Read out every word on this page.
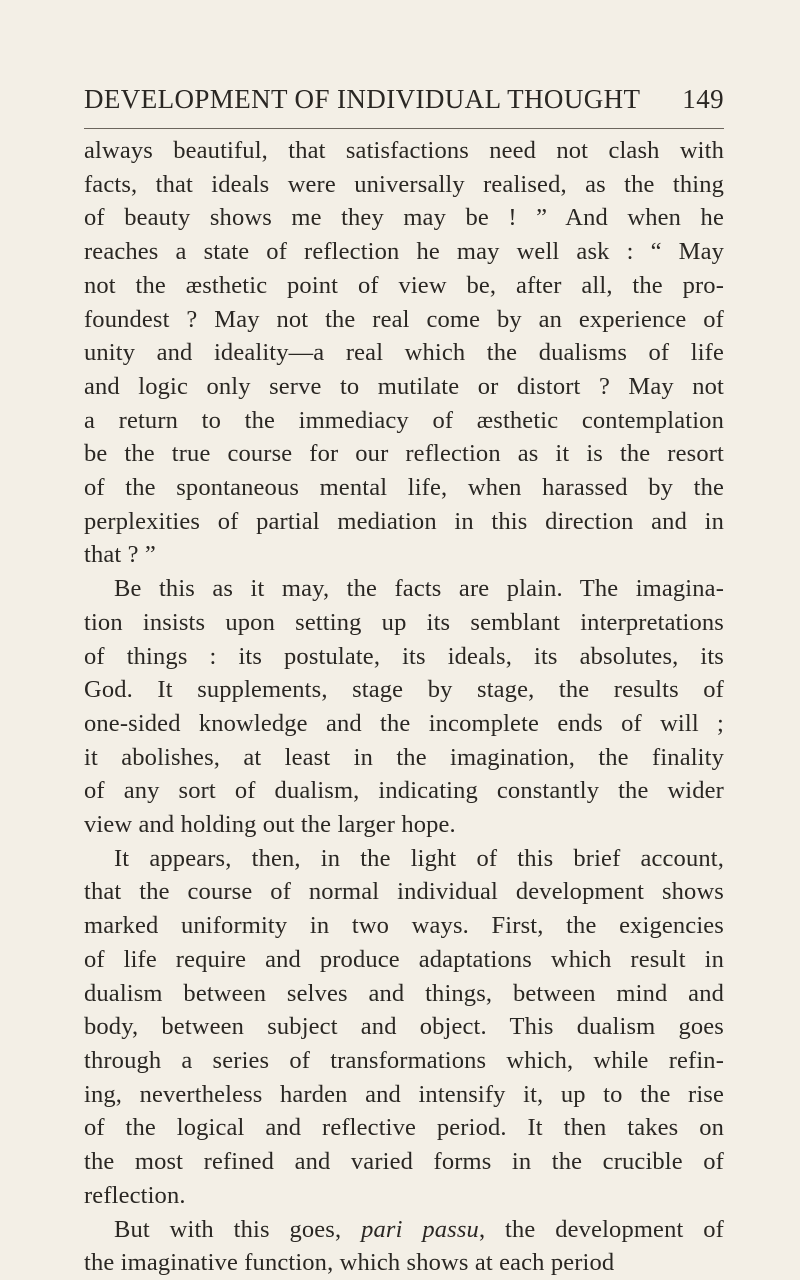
DEVELOPMENT OF INDIVIDUAL THOUGHT 149
always beautiful, that satisfactions need not clash with
facts, that ideals were universally realised, as the thing
of beauty shows me they may be ! ” And when he
reaches a state of reflection he may well ask : “ May
not the æsthetic point of view be, after all, the pro-
foundest ? May not the real come by an experience of
unity and ideality—a real which the dualisms of life
and logic only serve to mutilate or distort ? May not
a return to the immediacy of æsthetic contemplation
be the true course for our reflection as it is the resort
of the spontaneous mental life, when harassed by the
perplexities of partial mediation in this direction and in
that ? ”
Be this as it may, the facts are plain. The imagina-
tion insists upon setting up its semblant interpretations
of things : its postulate, its ideals, its absolutes, its
God. It supplements, stage by stage, the results of
one-sided knowledge and the incomplete ends of will ;
it abolishes, at least in the imagination, the finality
of any sort of dualism, indicating constantly the wider
view and holding out the larger hope.
It appears, then, in the light of this brief account,
that the course of normal individual development shows
marked uniformity in two ways. First, the exigencies
of life require and produce adaptations which result in
dualism between selves and things, between mind and
body, between subject and object. This dualism goes
through a series of transformations which, while refin-
ing, nevertheless harden and intensify it, up to the rise
of the logical and reflective period. It then takes on
the most refined and varied forms in the crucible of
reflection.
But with this goes, pari passu, the development of
the imaginative function, which shows at each period
